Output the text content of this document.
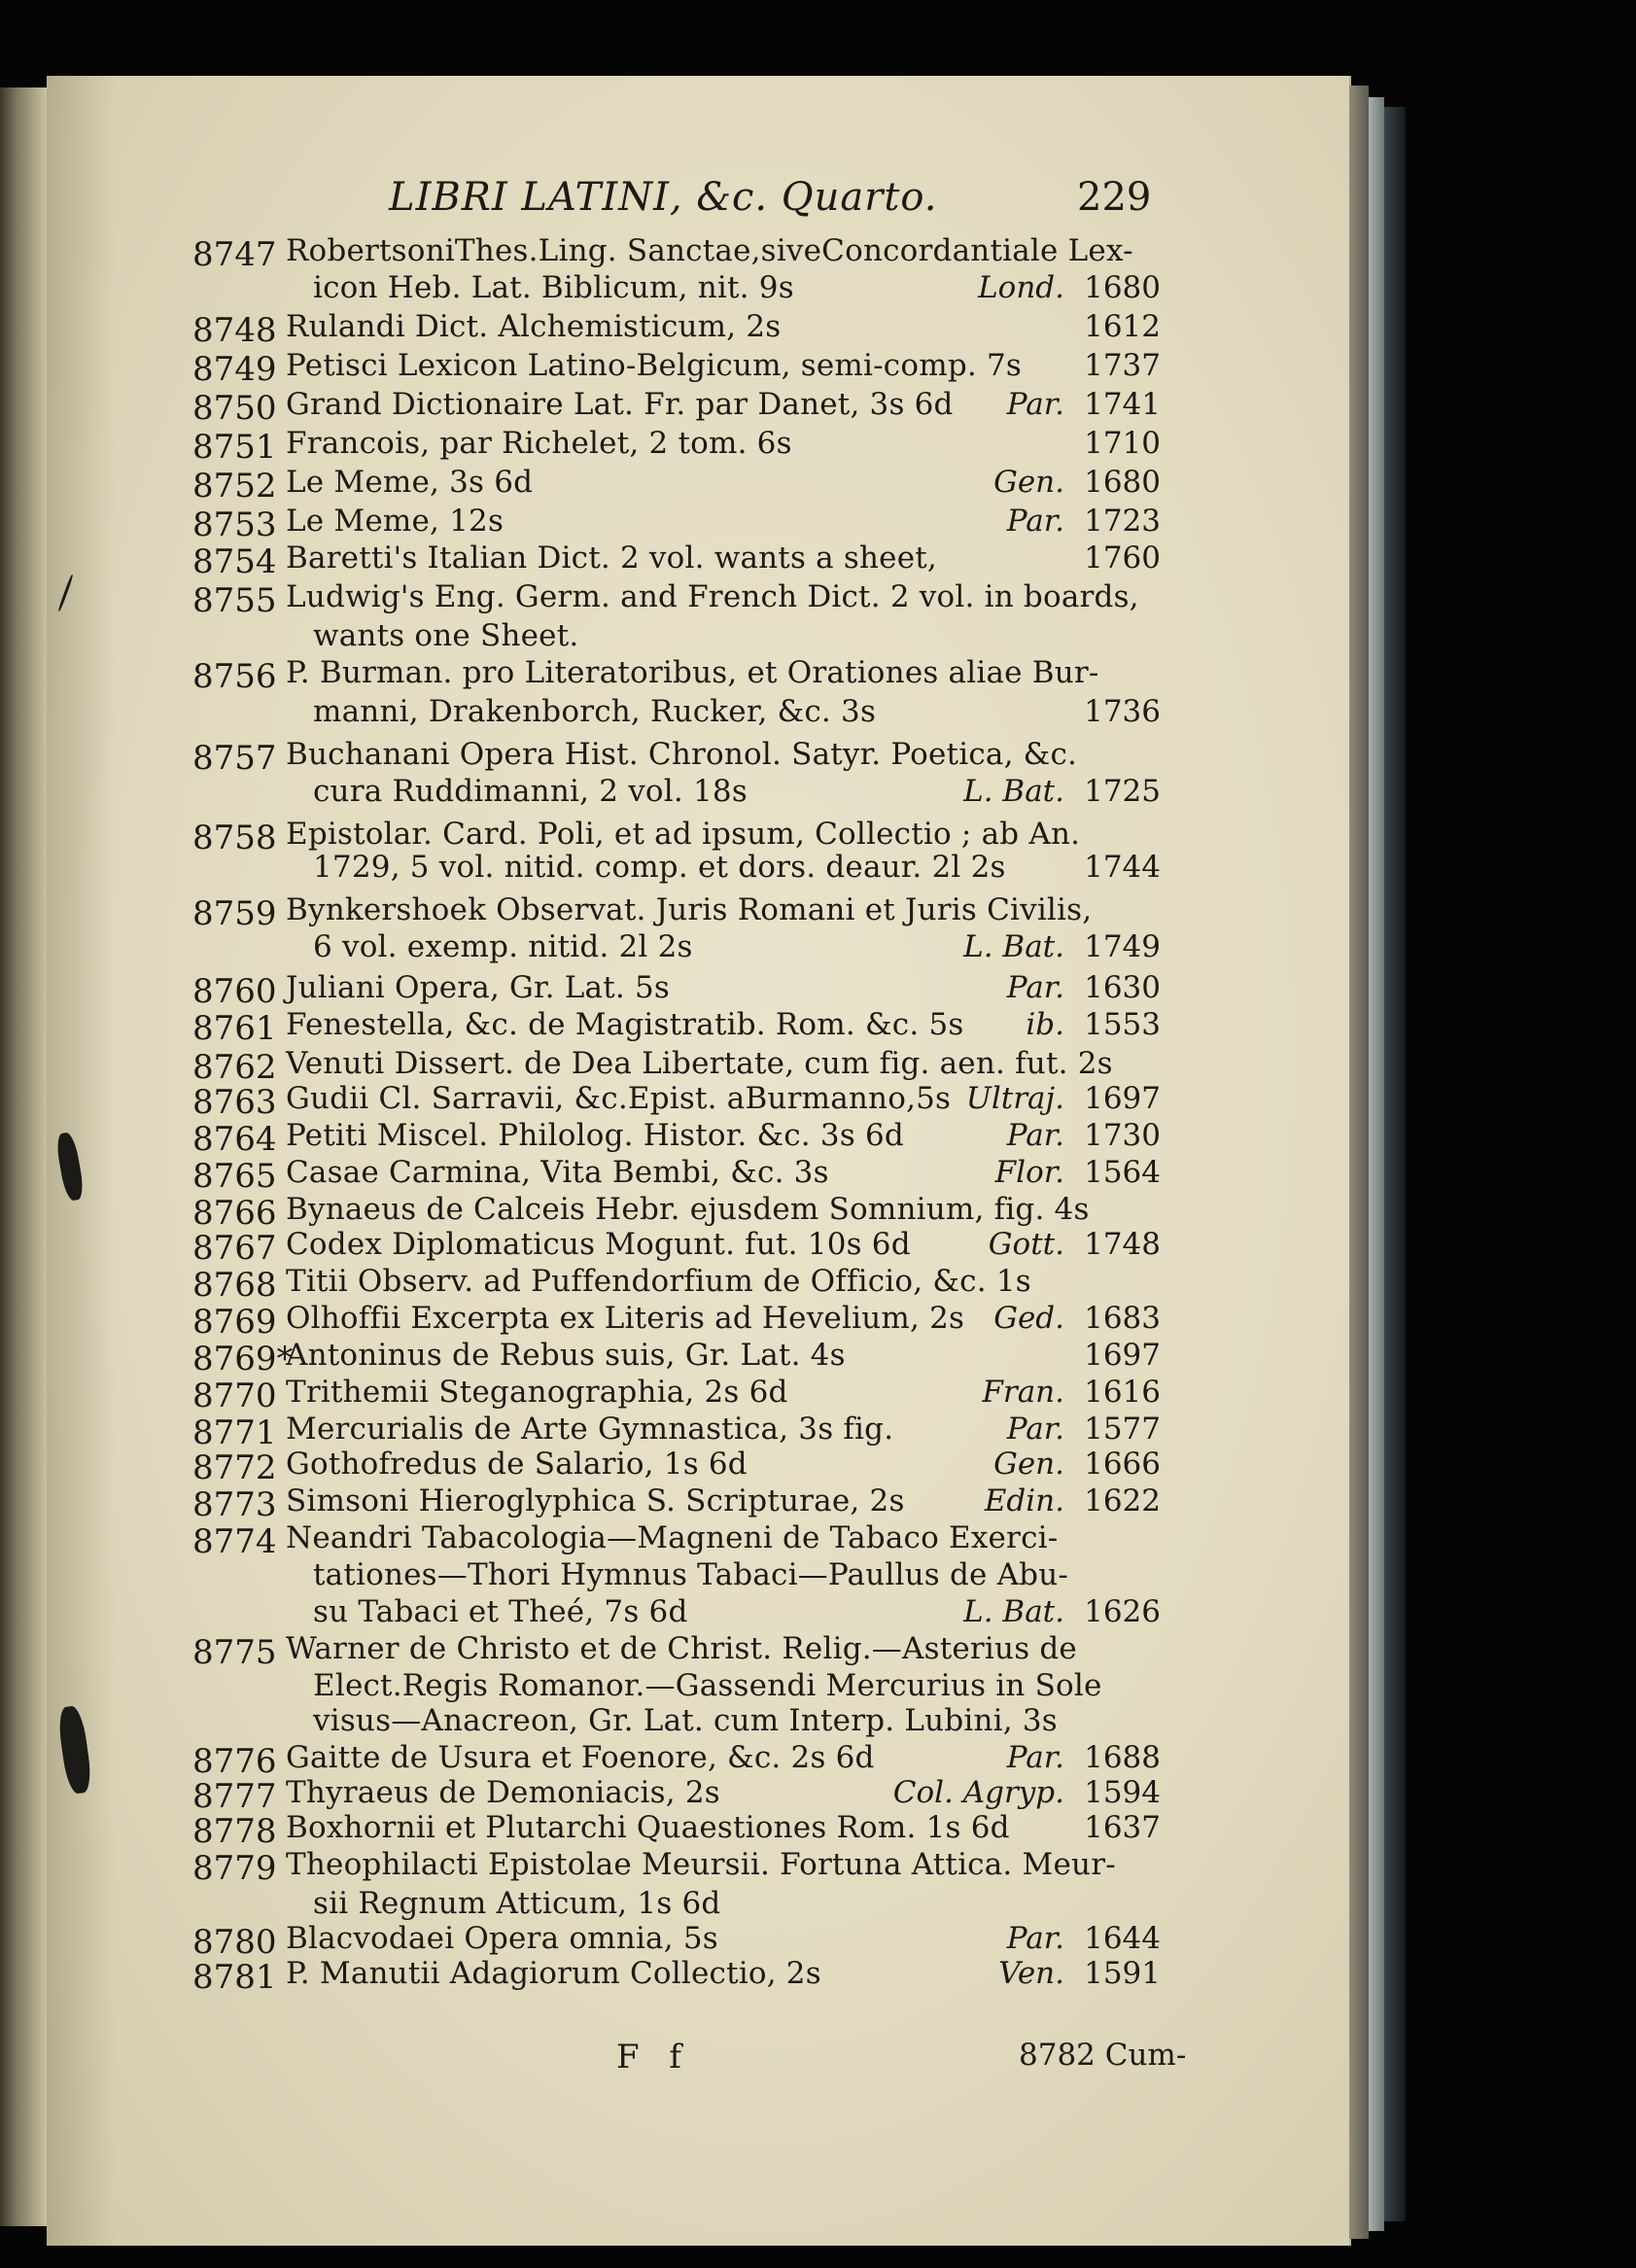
LIBRI LATINI, &c. Quarto.	229
8747 RobertsoniThes.Ling. Sanctae,siveConcordantiale Lex-
icon Heb. Lat. Biblicum, nit. 9s	Lond. 1680
8748 Rulandi Dict. Alchemisticum, 2s	1612
8749 Petisci Lexicon Latino-Belgicum, semi-comp. 7s 1737
8750 Grand Dictionaire Lat. Fr. par Danet, 3s 6d Par. 1741
8751 Francois, par Richelet, 2 tom. 6s	1710
8752 Le Meme, 3s 6d	Gen. 1680
8753 Le Meme, 12s	Par. 1723
8754 Baretti's Italian Dict. 2 vol. wants a sheet,	1760
8755 Ludwig's Eng. Germ. and French Dict. 2 vol. in boards,
wants one Sheet.
8756 P. Burman. pro Literatoribus, et Orationes aliae Bur-
manni, Drakenborch, Rucker, &c. 3s	1736
8757 Buchanani Opera Hist. Chronol. Satyr. Poetica, &c.
cura Ruddimanni, 2 vol. 18s	L. Bat. 1725
8758 Epistolar. Card. Poli, et ad ipsum, Collectio ; ab An.
1729, 5 vol. nitid. comp. et dors. deaur. 2l 2s	1744
8759 Bynkershoek Observat. Juris Romani et Juris Civilis,
6 vol. exemp. nitid. 2l 2s	L. Bat. 1749
8760 Juliani Opera, Gr. Lat. 5s	Par. 1630
8761 Fenestella, &c. de Magistratib. Rom. &c. 5s ib. 1553
8762 Venuti Dissert. de Dea Libertate, cum fig. aen. fut. 2s
8763 Gudii Cl. Sarravii, &c.Epist. aBurmanno,5s Ultraj. 1697
8764 Petiti Miscel. Philolog. Histor. &c. 3s 6d	Par. 1730
8765 Casae Carmina, Vita Bembi, &c. 3s	Flor. 1564
8766 Bynaeus de Calceis Hebr. ejusdem Somnium, fig. 4s
8767 Codex Diplomaticus Mogunt. fut. 10s 6d	Gott. 1748
8768 Titii Observ. ad Puffendorfium de Officio, &c. 1s
8769 Olhoffii Excerpta ex Literis ad Hevelium, 2s Ged. 1683
8769*
Antoninus de Rebus suis, Gr. Lat. 4s	1697
8770 Trithemii Steganographia, 2s 6d	Fran. 1616
8771 Mercurialis de Arte Gymnastica, 3s fig.	Par. 1577
8772 Gothofredus de Salario, 1s 6d	Gen. 1666
8773 Simsoni Hieroglyphica S. Scripturae, 2s	Edin. 1622
8774 Neandri Tabacologia—Magneni de Tabaco Exerci-
tationes—Thori Hymnus Tabaci—Paullus de Abu-
su Tabaci et Theé, 7s 6d	L. Bat. 1626
8775 Warner de Christo et de Christ. Relig.—Asterius de
Elect.Regis Romanor.—Gassendi Mercurius in Sole
visus—Anacreon, Gr. Lat. cum Interp. Lubini, 3s
8776 Gaitte de Usura et Foenore, &c. 2s 6d	Par. 1688
8777 Thyraeus de Demoniacis, 2s	Col. Agryp. 1594
8778 Boxhornii et Plutarchi Quaestiones Rom. 1s 6d 1637
8779 Theophilacti Epistolae Meursii. Fortuna Attica. Meur-
sii Regnum Atticum, 1s 6d
8780 Blacvodaei Opera omnia, 5s	Par. 1644
8781 P. Manutii Adagiorum Collectio, 2s	Ven. 1591
F f	8782 Cum-
